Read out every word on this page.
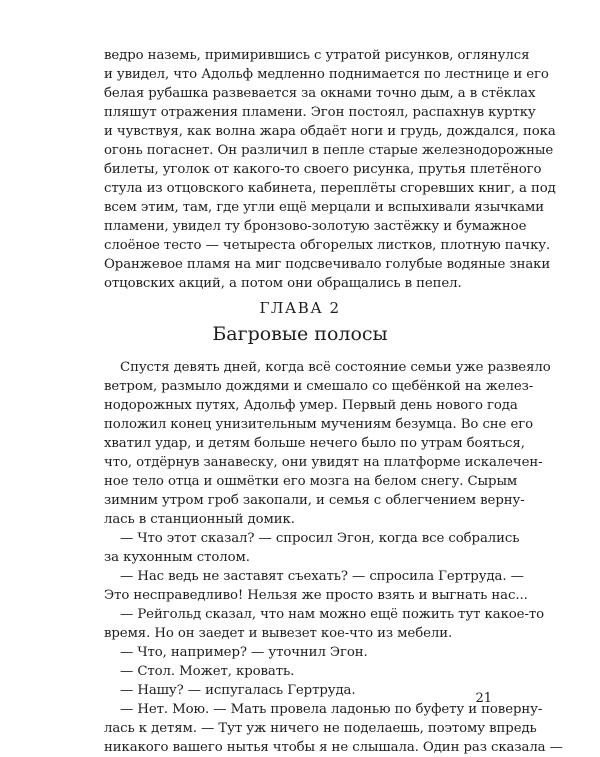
ведро наземь, примирившись с утратой рисунков, оглянулся
и увидел, что Адольф медленно поднимается по лестнице и его
белая рубашка развевается за окнами точно дым, а в стёклах
пляшут отражения пламени. Эгон постоял, распахнув куртку
и чувствуя, как волна жара обдаёт ноги и грудь, дождался, пока
огонь погаснет. Он различил в пепле старые железнодорожные
билеты, уголок от какого-то своего рисунка, прутья плетёного
стула из отцовского кабинета, переплёты сгоревших книг, а под
всем этим, там, где угли ещё мерцали и вспыхивали язычками
пламени, увидел ту бронзово-золотую застёжку и бумажное
слоёное тесто — четыреста обгорелых листков, плотную пачку.
Оранжевое пламя на миг подсвечивало голубые водяные знаки
отцовских акций, а потом они обращались в пепел.
ГЛАВА 2
Багровые полосы
Спустя девять дней, когда всё состояние семьи уже развеяло
ветром, размыло дождями и смешало со щебёнкой на желез-
нодорожных путях, Адольф умер. Первый день нового года
положил конец унизительным мучениям безумца. Во сне его
хватил удар, и детям больше нечего было по утрам бояться,
что, отдёрнув занавеску, они увидят на платформе искалечен-
ное тело отца и ошмётки его мозга на белом снегу. Сырым
зимним утром гроб закопали, и семья с облегчением верну-
лась в станционный домик.
— Что этот сказал? — спросил Эгон, когда все собрались
за кухонным столом.
— Нас ведь не заставят съехать? — спросила Гертруда. —
Это несправедливо! Нельзя же просто взять и выгнать нас...
— Рейгольд сказал, что нам можно ещё пожить тут какое-то
время. Но он заедет и вывезет кое-что из мебели.
— Что, например? — уточнил Эгон.
— Стол. Может, кровать.
— Нашу? — испугалась Гертруда.
— Нет. Мою. — Мать провела ладонью по буфету и поверну-
лась к детям. — Тут уж ничего не поделаешь, поэтому впредь
никакого вашего нытья чтобы я не слышала. Один раз сказала —
21
